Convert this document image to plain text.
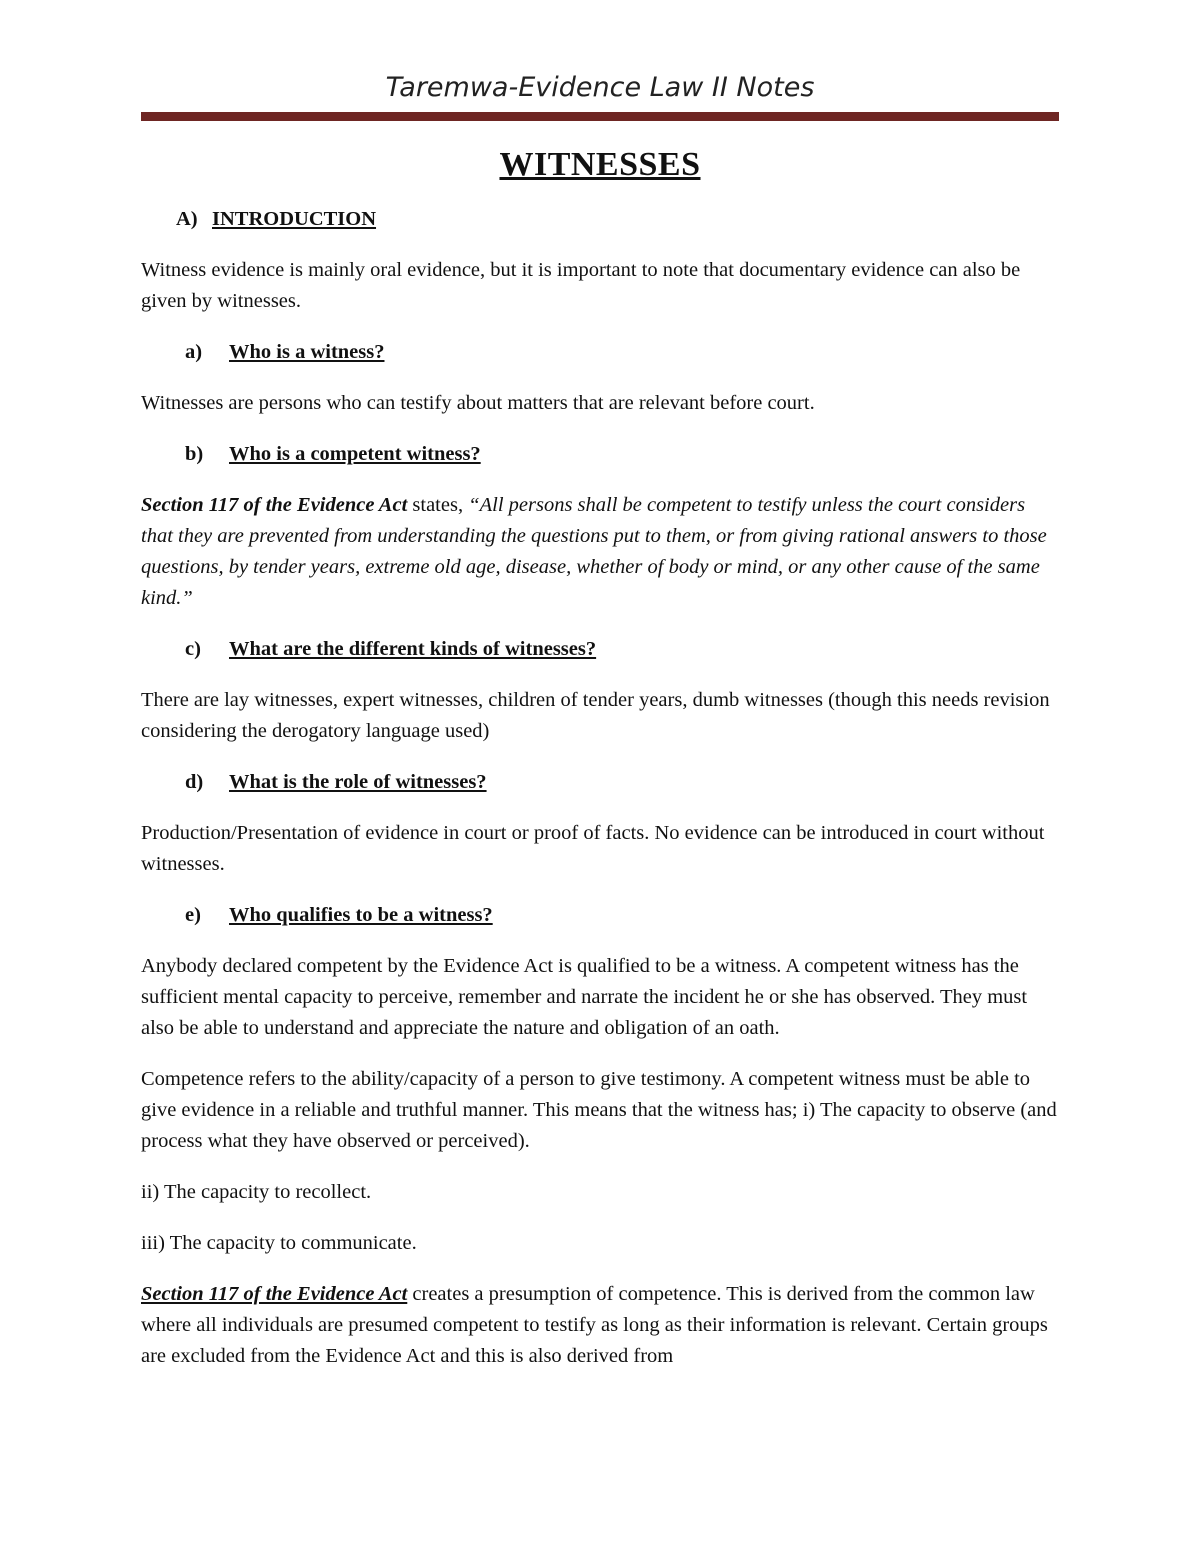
Taremwa-Evidence Law II Notes
WITNESSES
A) INTRODUCTION
Witness evidence is mainly oral evidence, but it is important to note that documentary evidence can also be given by witnesses.
a) Who is a witness?
Witnesses are persons who can testify about matters that are relevant before court.
b) Who is a competent witness?
Section 117 of the Evidence Act states, “All persons shall be competent to testify unless the court considers that they are prevented from understanding the questions put to them, or from giving rational answers to those questions, by tender years, extreme old age, disease, whether of body or mind, or any other cause of the same kind.”
c) What are the different kinds of witnesses?
There are lay witnesses, expert witnesses, children of tender years, dumb witnesses (though this needs revision considering the derogatory language used)
d) What is the role of witnesses?
Production/Presentation of evidence in court or proof of facts. No evidence can be introduced in court without witnesses.
e) Who qualifies to be a witness?
Anybody declared competent by the Evidence Act is qualified to be a witness. A competent witness has the sufficient mental capacity to perceive, remember and narrate the incident he or she has observed. They must also be able to understand and appreciate the nature and obligation of an oath.
Competence refers to the ability/capacity of a person to give testimony. A competent witness must be able to give evidence in a reliable and truthful manner. This means that the witness has; i) The capacity to observe (and process what they have observed or perceived).
ii) The capacity to recollect.
iii) The capacity to communicate.
Section 117 of the Evidence Act creates a presumption of competence. This is derived from the common law where all individuals are presumed competent to testify as long as their information is relevant. Certain groups are excluded from the Evidence Act and this is also derived from
